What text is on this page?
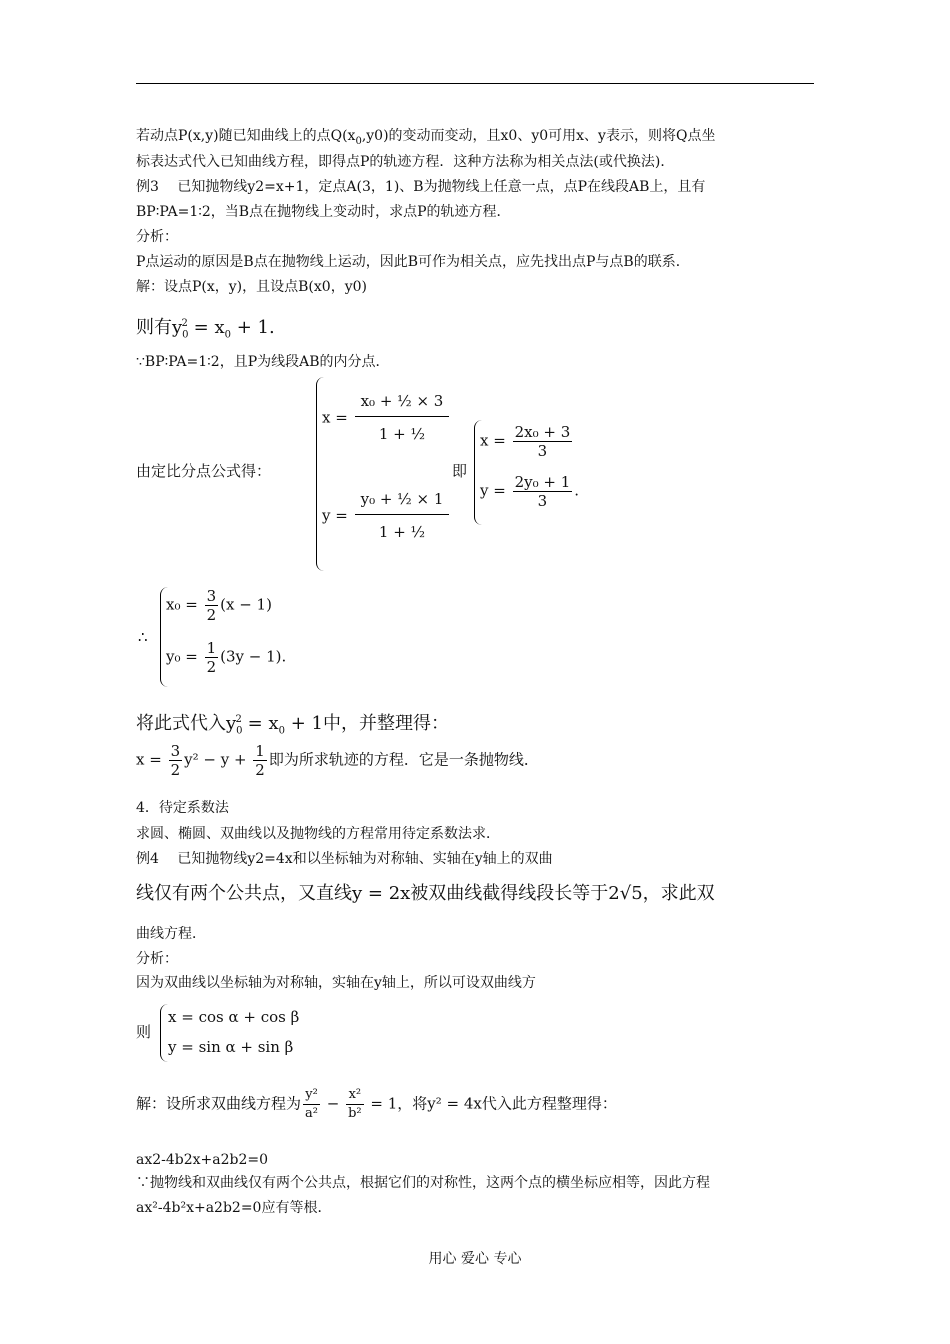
若动点P(x,y)随已知曲线上的点$Q(x_0,y0)$的变动而变动，且x0、y0可用x、y表示，则将Q点坐
标表达式代入已知曲线方程，即得点P的轨迹方程．这种方法称为相关点法(或代换法)．
例3　 已知抛物线y2=x+1，定点A(3，1)、B为抛物线上任意一点，点P在线段AB上，且有
BP∶PA=1∶2，当B点在抛物线上变动时，求点P的轨迹方程．
分析：
P点运动的原因是B点在抛物线上运动，因此B可作为相关点，应先找出点P与点B的联系．
解：设点P(x，y)，且设点B(x0，y0)
则有$y_0^2 = x_0 + 1$.
∵BP∶PA=1∶2，且P为线段AB的内分点．
由定比分点公式得：
$x = \frac{\text{x₀ + ½ × 3}}{\text{1 + ½}}$
$y = \frac{\text{y₀ + ½ × 1}}{\text{1 + ½}}$
即
$x = \frac{\text{2x₀ + 3}}{3}$
$y = \frac{\text{2y₀ + 1}}{3}$ .
∴
$x_0 = \frac{3}{2} (x - 1)$
$y_0 = \frac{1}{2} (3y - 1)$.
将此式代入$y_0^2 = x_0 + 1$中，并整理得：
$x = \frac{3}{2} y^2 - y + \frac{1}{2}$ 即为所求轨迹的方程．它是一条抛物线．
4．待定系数法
求圆、椭圆、双曲线以及抛物线的方程常用待定系数法求．
例4　 已知抛物线y2=4x和以坐标轴为对称轴、实轴在y轴上的双曲
线仅有两个公共点，又直线y = 2x被双曲线截得线段长等于2√5，求此双
曲线方程．
分析：
因为双曲线以坐标轴为对称轴，实轴在y轴上，所以可设双曲线方
则
x = cos α + cos β
y = sin α + sin β
解：设所求双曲线方程为 $\frac{\text{y²}}{\text{a²}} - \frac{\text{x²}}{\text{b²}} = 1$，将y² = 4x代入此方程整理得：
ax2-4b2x+a2b2=0
∵抛物线和双曲线仅有两个公共点，根据它们的对称性，这两个点的横坐标应相等，因此方程
ax²-4b²x+a2b2=0应有等根．
用心 爱心 专心
